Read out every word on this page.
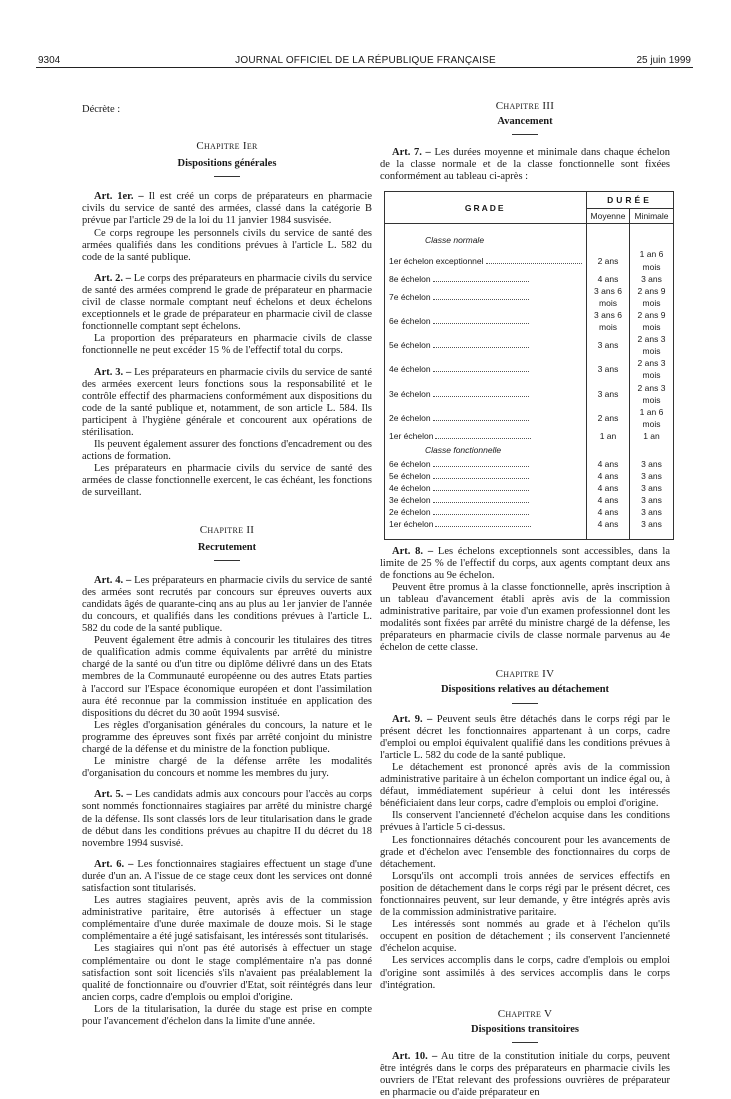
9304	JOURNAL OFFICIEL DE LA RÉPUBLIQUE FRANÇAISE	25 juin 1999

Décrète :

Chapitre Ier

Dispositions générales

Art. 1er. – Il est créé un corps de préparateurs en pharmacie civils du service de santé des armées, classé dans la catégorie B prévue par l'article 29 de la loi du 11 janvier 1984 susvisée.

Ce corps regroupe les personnels civils du service de santé des armées qualifiés dans les conditions prévues à l'article L. 582 du code de la santé publique.

Art. 2. – Le corps des préparateurs en pharmacie civils du service de santé des armées comprend le grade de préparateur en pharmacie civil de classe normale comptant neuf échelons et deux échelons exceptionnels et le grade de préparateur en pharmacie civil de classe fonctionnelle comptant sept échelons.

La proportion des préparateurs en pharmacie civils de classe fonctionnelle ne peut excéder 15 % de l'effectif total du corps.

Art. 3. – Les préparateurs en pharmacie civils du service de santé des armées exercent leurs fonctions sous la responsabilité et le contrôle effectif des pharmaciens conformément aux dispositions du code de la santé publique et, notamment, de son article L. 584. Ils participent à l'hygiène générale et concourent aux opérations de stérilisation.

Ils peuvent également assurer des fonctions d'encadrement ou des actions de formation.

Les préparateurs en pharmacie civils du service de santé des armées de classe fonctionnelle exercent, le cas échéant, les fonctions de surveillant.

Chapitre II

Recrutement

Art. 4. – Les préparateurs en pharmacie civils du service de santé des armées sont recrutés par concours sur épreuves ouverts aux candidats âgés de quarante-cinq ans au plus au 1er janvier de l'année du concours, et qualifiés dans les conditions prévues à l'article L. 582 du code de la santé publique.

Peuvent également être admis à concourir les titulaires des titres de qualification admis comme équivalents par arrêté du ministre chargé de la santé ou d'un titre ou diplôme délivré dans un des Etats membres de la Communauté européenne ou des autres Etats parties à l'accord sur l'Espace économique européen et dont l'assimilation aura été reconnue par la commission instituée en application des dispositions du décret du 30 août 1994 susvisé.

Les règles d'organisation générales du concours, la nature et le programme des épreuves sont fixés par arrêté conjoint du ministre chargé de la défense et du ministre de la fonction publique.

Le ministre chargé de la défense arrête les modalités d'organisation du concours et nomme les membres du jury.

Art. 5. – Les candidats admis aux concours pour l'accès au corps sont nommés fonctionnaires stagiaires par arrêté du ministre chargé de la défense. Ils sont classés lors de leur titularisation dans le grade de début dans les conditions prévues au chapitre II du décret du 18 novembre 1994 susvisé.

Art. 6. – Les fonctionnaires stagiaires effectuent un stage d'une durée d'un an. A l'issue de ce stage ceux dont les services ont donné satisfaction sont titularisés.

Les autres stagiaires peuvent, après avis de la commission administrative paritaire, être autorisés à effectuer un stage complémentaire d'une durée maximale de douze mois. Si le stage complémentaire a été jugé satisfaisant, les intéressés sont titularisés.

Les stagiaires qui n'ont pas été autorisés à effectuer un stage complémentaire ou dont le stage complémentaire n'a pas donné satisfaction sont soit licenciés s'ils n'avaient pas préalablement la qualité de fonctionnaire ou d'ouvrier d'Etat, soit réintégrés dans leur ancien corps, cadre d'emplois ou emploi d'origine.

Lors de la titularisation, la durée du stage est prise en compte pour l'avancement d'échelon dans la limite d'une année.

Chapitre III

Avancement

Art. 7. – Les durées moyenne et minimale dans chaque échelon de la classe normale et de la classe fonctionnelle sont fixées conformément au tableau ci-après :

GRADE	DURÉE	
	Moyenne	Minimale

Classe normale		
1er échelon exceptionnel	2 ans	1 an 6 mois
8e échelon	4 ans	3 ans
7e échelon	3 ans 6 mois	2 ans 9 mois
6e échelon	3 ans 6 mois	2 ans 9 mois
5e échelon	3 ans	2 ans 3 mois
4e échelon	3 ans	2 ans 3 mois
3e échelon	3 ans	2 ans 3 mois
2e échelon	2 ans	1 an 6 mois
1er échelon	1 an	1 an
Classe fonctionnelle		
6e échelon	4 ans	3 ans
5e échelon	4 ans	3 ans
4e échelon	4 ans	3 ans
3e échelon	4 ans	3 ans
2e échelon	4 ans	3 ans
1er échelon	4 ans	3 ans

Art. 8. – Les échelons exceptionnels sont accessibles, dans la limite de 25 % de l'effectif du corps, aux agents comptant deux ans de fonctions au 9e échelon.

Peuvent être promus à la classe fonctionnelle, après inscription à un tableau d'avancement établi après avis de la commission administrative paritaire, par voie d'un examen professionnel dont les modalités sont fixées par arrêté du ministre chargé de la défense, les préparateurs en pharmacie civils de classe normale parvenus au 4e échelon de cette classe.

Chapitre IV

Dispositions relatives au détachement

Art. 9. – Peuvent seuls être détachés dans le corps régi par le présent décret les fonctionnaires appartenant à un corps, cadre d'emploi ou emploi équivalent qualifié dans les conditions prévues à l'article L. 582 du code de la santé publique.

Le détachement est prononcé après avis de la commission administrative paritaire à un échelon comportant un indice égal ou, à défaut, immédiatement supérieur à celui dont les intéressés bénéficiaient dans leur corps, cadre d'emplois ou emploi d'origine.

Ils conservent l'ancienneté d'échelon acquise dans les conditions prévues à l'article 5 ci-dessus.

Les fonctionnaires détachés concourent pour les avancements de grade et d'échelon avec l'ensemble des fonctionnaires du corps de détachement.

Lorsqu'ils ont accompli trois années de services effectifs en position de détachement dans le corps régi par le présent décret, ces fonctionnaires peuvent, sur leur demande, y être intégrés après avis de la commission administrative paritaire.

Les intéressés sont nommés au grade et à l'échelon qu'ils occupent en position de détachement ; ils conservent l'ancienneté d'échelon acquise.

Les services accomplis dans le corps, cadre d'emplois ou emploi d'origine sont assimilés à des services accomplis dans le corps d'intégration.

Chapitre V

Dispositions transitoires

Art. 10. – Au titre de la constitution initiale du corps, peuvent être intégrés dans le corps des préparateurs en pharmacie civils les ouvriers de l'Etat relevant des professions ouvrières de préparateur en pharmacie ou d'aide préparateur en
